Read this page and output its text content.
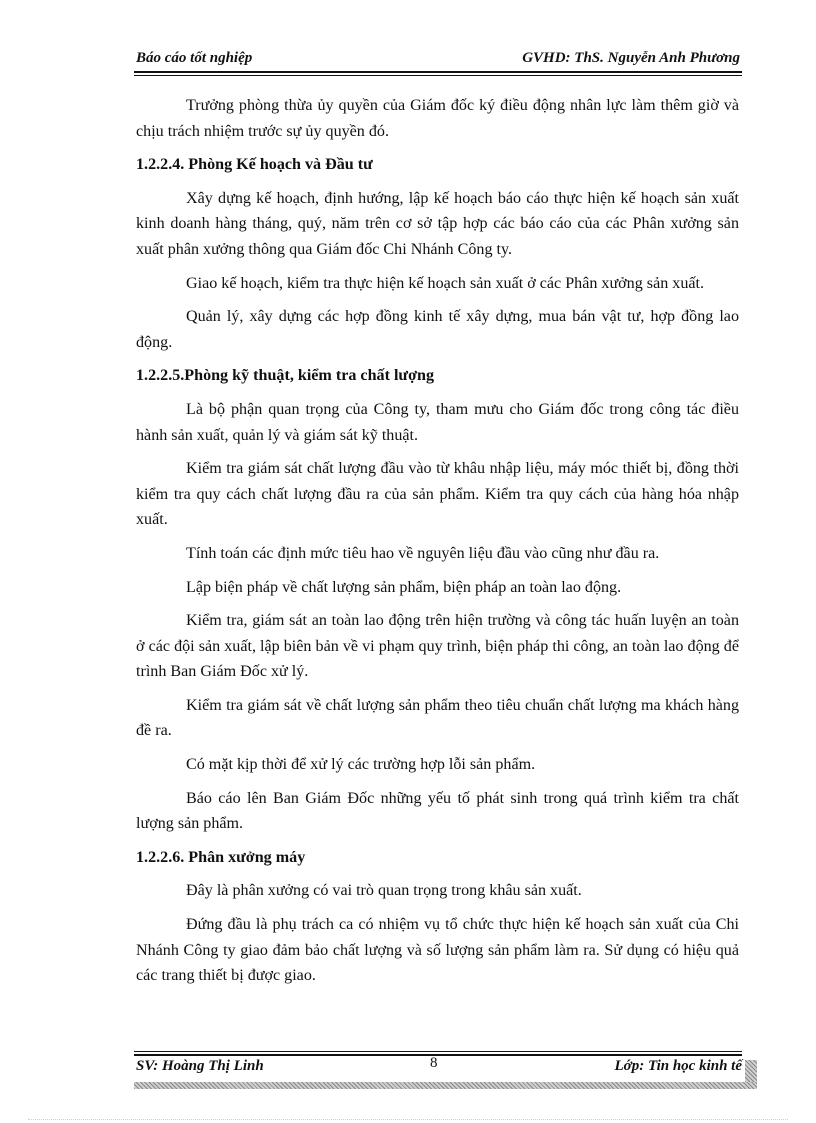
Báo cáo tốt nghiệp	GVHD: ThS. Nguyễn Anh Phương

Trưởng phòng thừa ủy quyền của Giám đốc ký điều động nhân lực làm thêm giờ và chịu trách nhiệm trước sự ủy quyền đó.

1.2.2.4. Phòng Kế hoạch và Đầu tư

Xây dựng kế hoạch, định hướng, lập kế hoạch báo cáo thực hiện kế hoạch sản xuất kinh doanh hàng tháng, quý, năm trên cơ sở tập hợp các báo cáo của các Phân xưởng sản xuất phân xưởng thông qua Giám đốc Chi Nhánh Công ty.

Giao kế hoạch, kiểm tra thực hiện kế hoạch sản xuất ở các Phân xưởng sản xuất.

Quản lý, xây dựng các hợp đồng kinh tế xây dựng, mua bán vật tư, hợp đồng lao động.

1.2.2.5.Phòng kỹ thuật, kiểm tra chất lượng

Là bộ phận quan trọng của Công ty, tham mưu cho Giám đốc trong công tác điều hành sản xuất, quản lý và giám sát kỹ thuật.

Kiểm tra giám sát chất lượng đầu vào từ khâu nhập liệu, máy móc thiết bị, đồng thời kiểm tra quy cách chất lượng đầu ra của sản phẩm. Kiểm tra quy cách của hàng hóa nhập xuất.

Tính toán các định mức tiêu hao về nguyên liệu đầu vào cũng như đầu ra.

Lập biện pháp về chất lượng sản phẩm, biện pháp an toàn lao động.

Kiểm tra, giám sát an toàn lao động trên hiện trường và công tác huấn luyện an toàn ở các đội sản xuất, lập biên bản về vi phạm quy trình, biện pháp thi công, an toàn lao động để trình Ban Giám Đốc xử lý.

Kiểm tra giám sát về chất lượng sản phẩm theo tiêu chuẩn chất lượng ma khách hàng đề ra.

Có mặt kịp thời để xử lý các trường hợp lỗi sản phẩm.

Báo cáo lên Ban Giám Đốc những yếu tố phát sinh trong quá trình kiểm tra chất lượng sản phẩm.

1.2.2.6. Phân xưởng máy

Đây là phân xưởng có vai trò quan trọng trong khâu sản xuất.

Đứng đầu là phụ trách ca có nhiệm vụ tổ chức thực hiện kế hoạch sản xuất của Chi Nhánh Công ty giao đảm bảo chất lượng và số lượng sản phẩm làm ra. Sử dụng có hiệu quả các trang thiết bị được giao.

SV: Hoàng Thị Linh	8	Lớp: Tin học kinh tế
